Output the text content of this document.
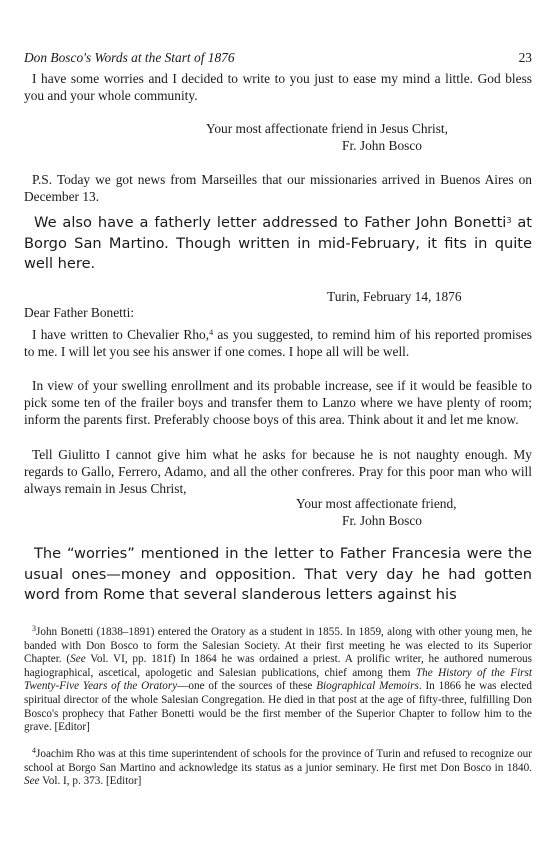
Don Bosco's Words at the Start of 1876	23

I have some worries and I decided to write to you just to ease my mind a little. God bless you and your whole community.

Your most affectionate friend in Jesus Christ,
Fr. John Bosco

P.S. Today we got news from Marseilles that our missionaries arrived in Buenos Aires on December 13.

We also have a fatherly letter addressed to Father John Bonetti$^3$ at Borgo San Martino. Though written in mid-February, it fits in quite well here.

Turin, February 14, 1876
Dear Father Bonetti:

I have written to Chevalier Rho,$^4$ as you suggested, to remind him of his reported promises to me. I will let you see his answer if one comes. I hope all will be well.

In view of your swelling enrollment and its probable increase, see if it would be feasible to pick some ten of the frailer boys and transfer them to Lanzo where we have plenty of room; inform the parents first. Preferably choose boys of this area. Think about it and let me know.

Tell Giulitto I cannot give him what he asks for because he is not naughty enough. My regards to Gallo, Ferrero, Adamo, and all the other confreres. Pray for this poor man who will always remain in Jesus Christ,

Your most affectionate friend,
Fr. John Bosco

The “worries” mentioned in the letter to Father Francesia were the usual ones—money and opposition. That very day he had gotten word from Rome that several slanderous letters against his

$^3$John Bonetti (1838–1891) entered the Oratory as a student in 1855. In 1859, along with other young men, he banded with Don Bosco to form the Salesian Society. At their first meeting he was elected to its Superior Chapter. (See Vol. VI, pp. 181f) In 1864 he was ordained a priest. A prolific writer, he authored numerous hagiographical, ascetical, apologetic and Salesian publications, chief among them The History of the First Twenty-Five Years of the Oratory—one of the sources of these Biographical Memoirs. In 1866 he was elected spiritual director of the whole Salesian Congregation. He died in that post at the age of fifty-three, fulfilling Don Bosco's prophecy that Father Bonetti would be the first member of the Superior Chapter to follow him to the grave. [Editor]

$^4$Joachim Rho was at this time superintendent of schools for the province of Turin and refused to recognize our school at Borgo San Martino and acknowledge its status as a junior seminary. He first met Don Bosco in 1840. See Vol. I, p. 373. [Editor]
